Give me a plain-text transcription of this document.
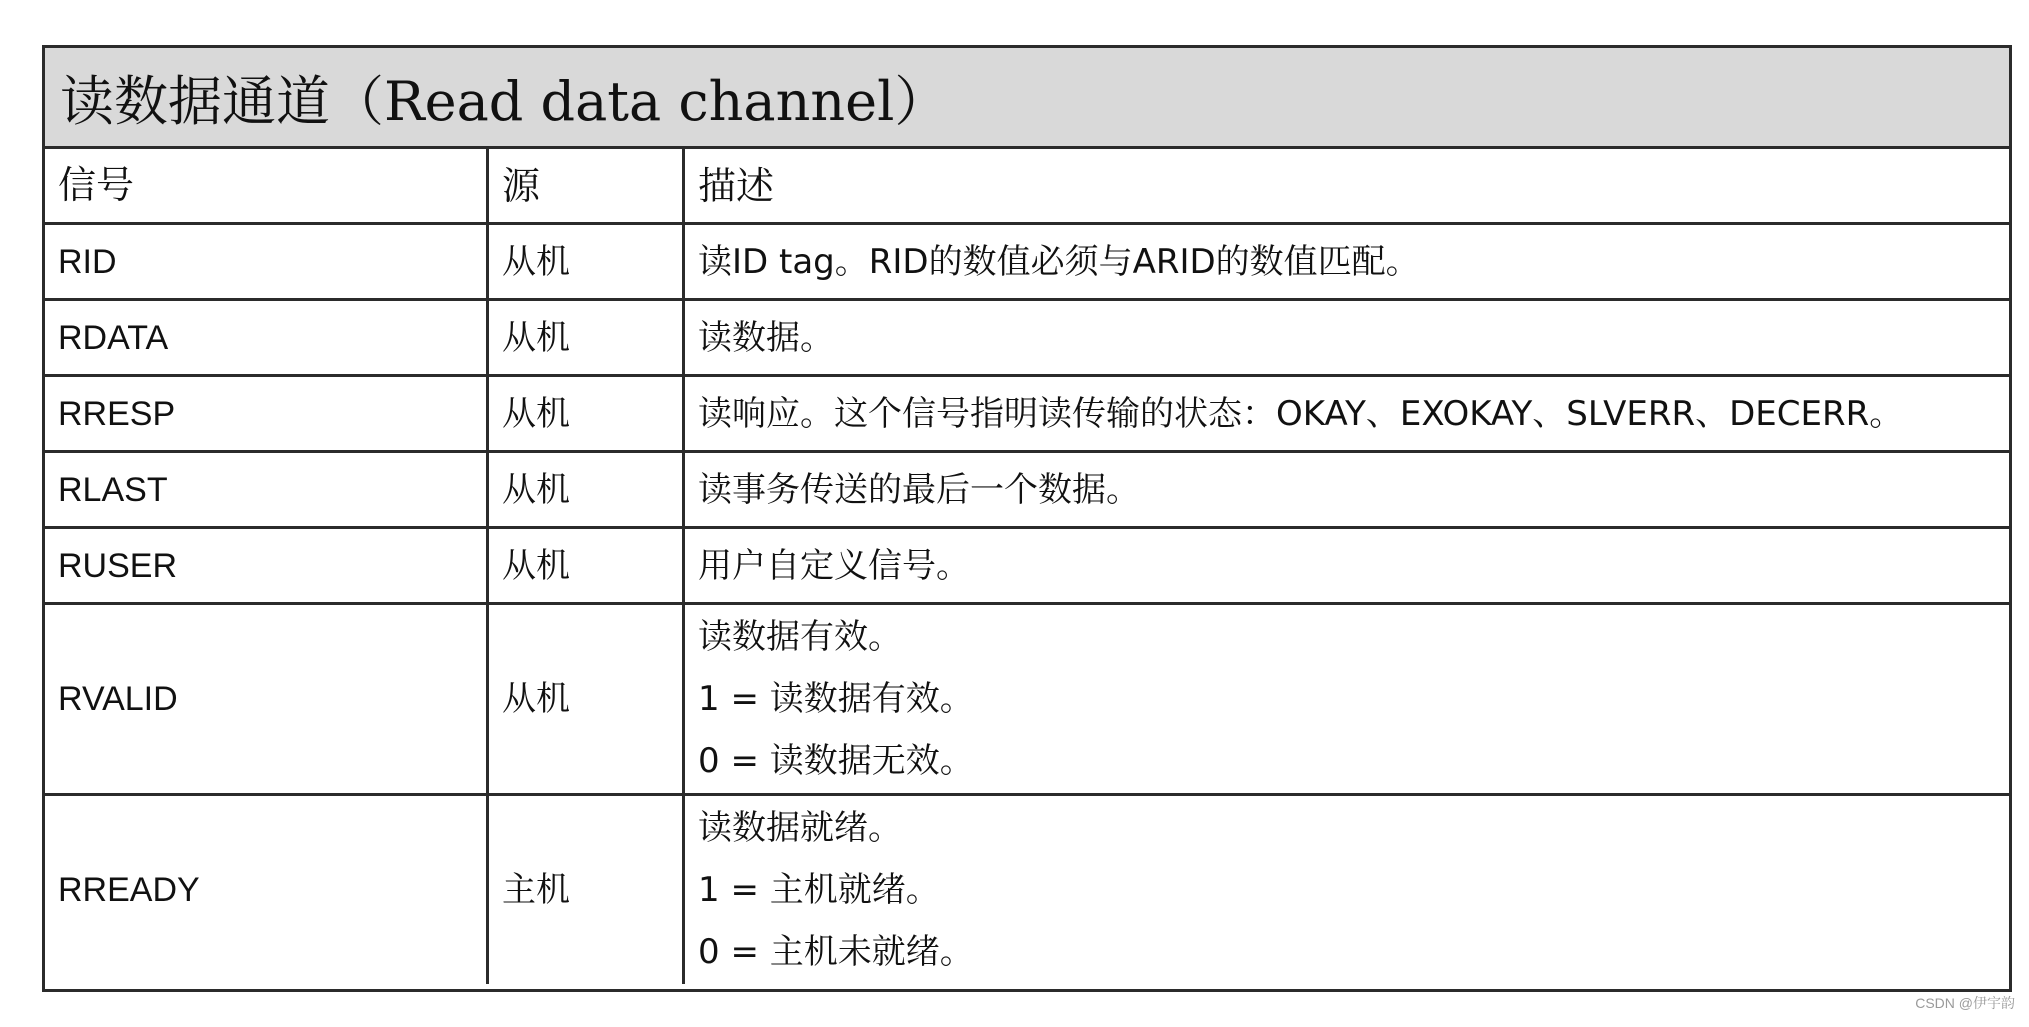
读数据通道（Read data channel）
信号	源	描述
RID	从机	读ID tag。RID的数值必须与ARID的数值匹配。

RDATA	从机	读数据。

RRESP	从机	读响应。这个信号指明读传输的状态：OKAY、EXOKAY、SLVERR、DECERR。

RLAST	从机	读事务传送的最后一个数据。

RUSER	从机	用户自定义信号。

RVALID	从机	读数据有效。
1 = 读数据有效。
0 = 读数据无效。

RREADY	主机	读数据就绪。
1 = 主机就绪。
0 = 主机未就绪。
CSDN @伊宇韵
